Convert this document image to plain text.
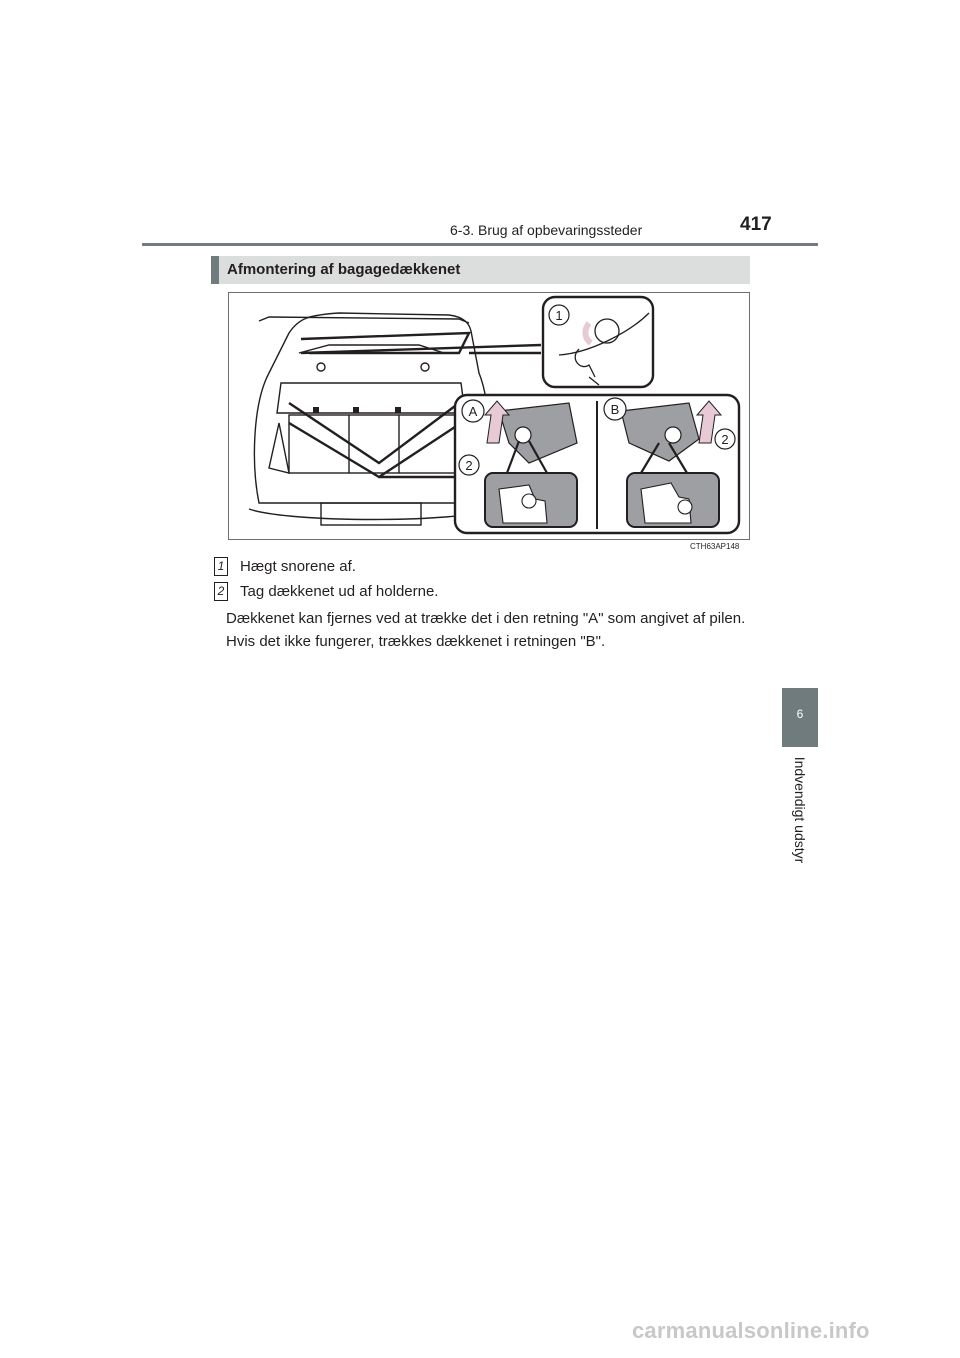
6-3. Brug af opbevaringssteder	417
6
Indvendigt udstyr
Afmontering af bagagedækkenet
1
A
2
B
2
CTH63AP148
1 Hægt snorene af.
2 Tag dækkenet ud af holderne.

Dækkenet kan fjernes ved at trække det i den retning "A" som angivet af pilen.

Hvis det ikke fungerer, trækkes dækkenet i retningen "B".

carmanualsonline.info
